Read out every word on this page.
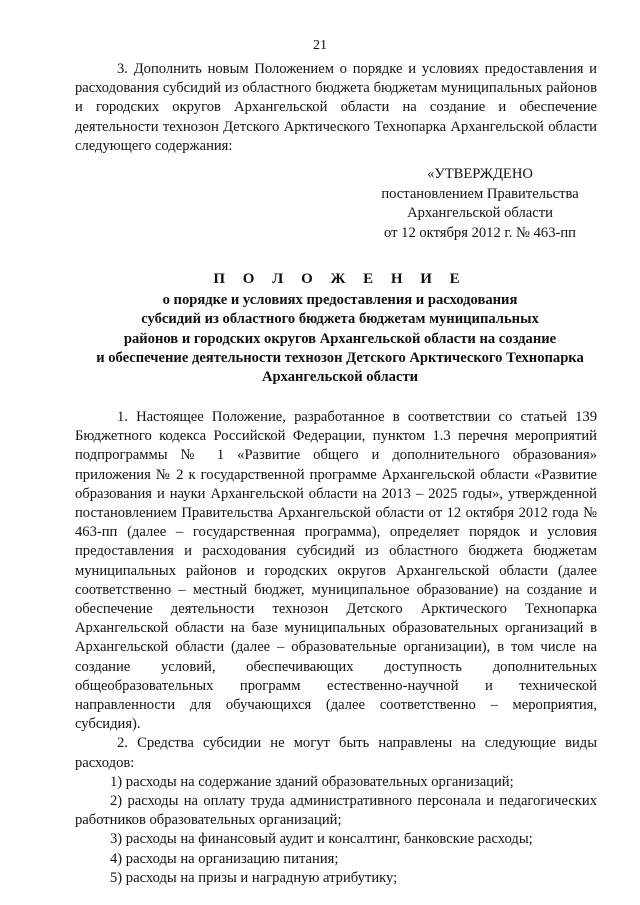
21

3. Дополнить новым Положением о порядке и условиях предоставления и расходования субсидий из областного бюджета бюджетам муниципальных районов и городских округов Архангельской области на создание и обеспечение деятельности технозон Детского Арктического Технопарка Архангельской области следующего содержания:

«УТВЕРЖДЕНО
постановлением Правительства
Архангельской области
от 12 октября 2012 г. № 463-пп
П О Л О Ж Е Н И Е
о порядке и условиях предоставления и расходования
субсидий из областного бюджета бюджетам муниципальных
районов и городских округов Архангельской области на создание
и обеспечение деятельности технозон Детского Арктического Технопарка
Архангельской области

1. Настоящее Положение, разработанное в соответствии со статьей 139 Бюджетного кодекса Российской Федерации, пунктом 1.3 перечня мероприятий подпрограммы № 1 «Развитие общего и дополнительного образования» приложения № 2 к государственной программе Архангельской области «Развитие образования и науки Архангельской области на 2013 – 2025 годы», утвержденной постановлением Правительства Архангельской области от 12 октября 2012 года № 463-пп (далее – государственная программа), определяет порядок и условия предоставления и расходования субсидий из областного бюджета бюджетам муниципальных районов и городских округов Архангельской области (далее соответственно – местный бюджет, муниципальное образование) на создание и обеспечение деятельности технозон Детского Арктического Технопарка Архангельской области на базе муниципальных образовательных организаций в Архангельской области (далее – образовательные организации), в том числе на создание условий, обеспечивающих доступность дополнительных общеобразовательных программ естественно-научной и технической направленности для обучающихся (далее соответственно – мероприятия, субсидия).

2. Средства субсидии не могут быть направлены на следующие виды расходов:

1) расходы на содержание зданий образовательных организаций;

2) расходы на оплату труда административного персонала и педагогических работников образовательных организаций;

3) расходы на финансовый аудит и консалтинг, банковские расходы;

4) расходы на организацию питания;

5) расходы на призы и наградную атрибутику;
